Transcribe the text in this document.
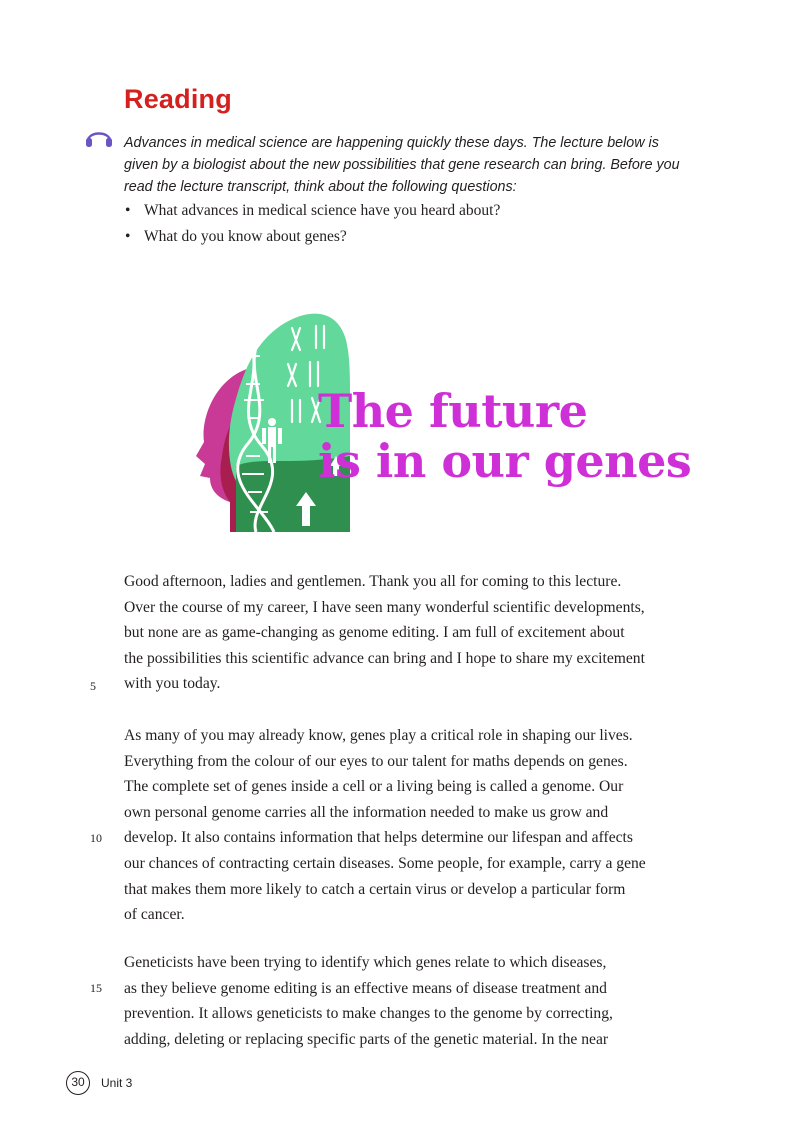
Reading

Advances in medical science are happening quickly these days. The lecture below is given by a biologist about the new possibilities that gene research can bring. Before you read the lecture transcript, think about the following questions:

• What advances in medical science have you heard about?
• What do you know about genes?
The future
is in our genes

Good afternoon, ladies and gentlemen. Thank you all for coming to this lecture.
Over the course of my career, I have seen many wonderful scientific developments,
but none are as game-changing as genome editing. I am full of excitement about
the possibilities this scientific advance can bring and I hope to share my excitement
with you today.

5

As many of you may already know, genes play a critical role in shaping our lives.
Everything from the colour of our eyes to our talent for maths depends on genes.
The complete set of genes inside a cell or a living being is called a genome. Our
own personal genome carries all the information needed to make us grow and
develop. It also contains information that helps determine our lifespan and affects
our chances of contracting certain diseases. Some people, for example, carry a gene
that makes them more likely to catch a certain virus or develop a particular form
of cancer.

10

Geneticists have been trying to identify which genes relate to which diseases,
as they believe genome editing is an effective means of disease treatment and
prevention. It allows geneticists to make changes to the genome by correcting,
adding, deleting or replacing specific parts of the genetic material. In the near

15
30	Unit 3
